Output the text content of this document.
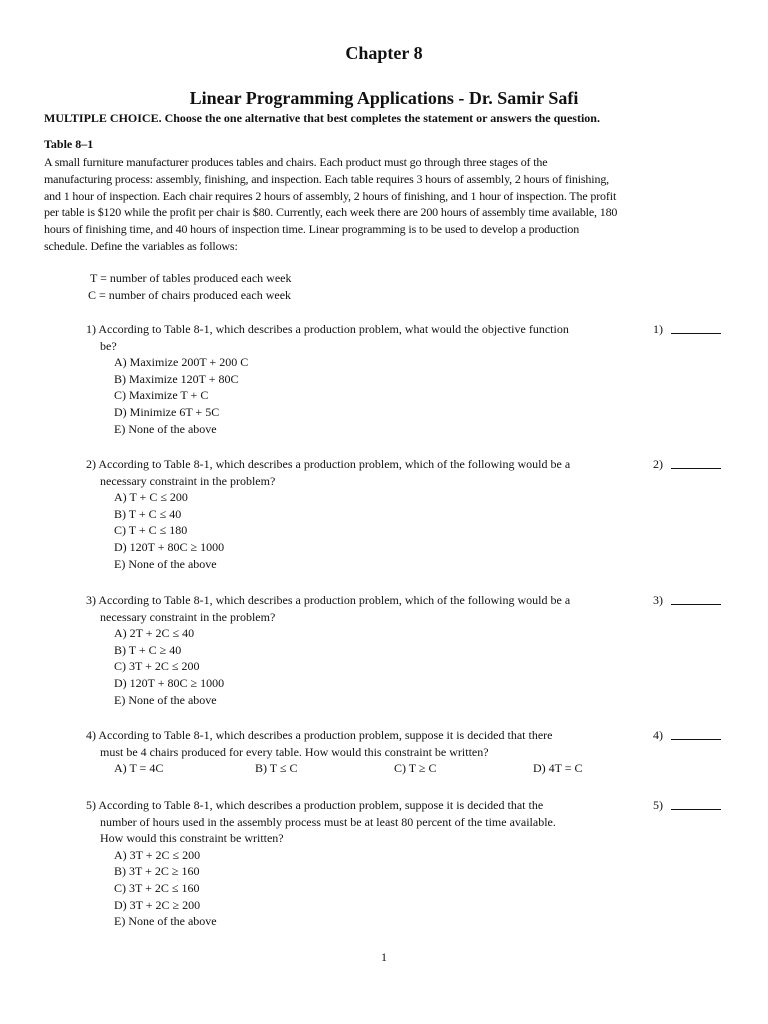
Chapter 8
Linear Programming Applications - Dr. Samir Safi
MULTIPLE CHOICE. Choose the one alternative that best completes the statement or answers the question.
Table 8–1
A small furniture manufacturer produces tables and chairs. Each product must go through three stages of the
manufacturing process: assembly, finishing, and inspection. Each table requires 3 hours of assembly, 2 hours of finishing,
and 1 hour of inspection. Each chair requires 2 hours of assembly, 2 hours of finishing, and 1 hour of inspection. The profit
per table is $120 while the profit per chair is $80. Currently, each week there are 200 hours of assembly time available, 180
hours of finishing time, and 40 hours of inspection time. Linear programming is to be used to develop a production
schedule. Define the variables as follows:
T = number of tables produced each week
C = number of chairs produced each week
1) According to Table 8-1, which describes a production problem, what would the objective function
be?
A) Maximize 200T + 200 C
B) Maximize 120T + 80C
C) Maximize T + C
D) Minimize 6T + 5C
E) None of the above
1)
2) According to Table 8-1, which describes a production problem, which of the following would be a
necessary constraint in the problem?
A) T + C ≤ 200
B) T + C ≤ 40
C) T + C ≤ 180
D) 120T + 80C ≥ 1000
E) None of the above
2)
3) According to Table 8-1, which describes a production problem, which of the following would be a
necessary constraint in the problem?
A) 2T + 2C ≤ 40
B) T + C ≥ 40
C) 3T + 2C ≤ 200
D) 120T + 80C ≥ 1000
E) None of the above
3)
4) According to Table 8-1, which describes a production problem, suppose it is decided that there
must be 4 chairs produced for every table. How would this constraint be written?
A) T = 4C	B) T ≤ C	C) T ≥ C	D) 4T = C
4)
5) According to Table 8-1, which describes a production problem, suppose it is decided that the
number of hours used in the assembly process must be at least 80 percent of the time available.
How would this constraint be written?
A) 3T + 2C ≤ 200
B) 3T + 2C ≥ 160
C) 3T + 2C ≤ 160
D) 3T + 2C ≥ 200
E) None of the above
5)
1
